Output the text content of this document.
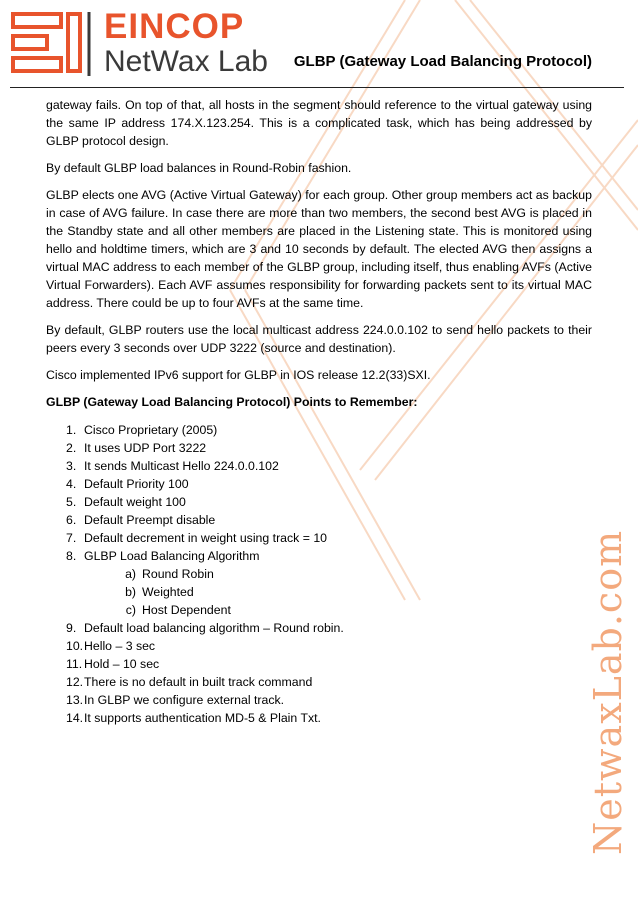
EINCOP
NetWax Lab GLBP (Gateway Load Balancing Protocol)

gateway fails. On top of that, all hosts in the segment should reference to the virtual gateway using the same IP address 174.X.123.254. This is a complicated task, which has being addressed by GLBP protocol design.

By default GLBP load balances in Round-Robin fashion.

GLBP elects one AVG (Active Virtual Gateway) for each group. Other group members act as backup in case of AVG failure. In case there are more than two members, the second best AVG is placed in the Standby state and all other members are placed in the Listening state. This is monitored using hello and holdtime timers, which are 3 and 10 seconds by default. The elected AVG then assigns a virtual MAC address to each member of the GLBP group, including itself, thus enabling AVFs (Active Virtual Forwarders). Each AVF assumes responsibility for forwarding packets sent to its virtual MAC address. There could be up to four AVFs at the same time.

By default, GLBP routers use the local multicast address 224.0.0.102 to send hello packets to their peers every 3 seconds over UDP 3222 (source and destination).

Cisco implemented IPv6 support for GLBP in IOS release 12.2(33)SXI.

GLBP (Gateway Load Balancing Protocol) Points to Remember:

1. Cisco Proprietary (2005)
2. It uses UDP Port 3222
3. It sends Multicast Hello 224.0.0.102
4. Default Priority 100
5. Default weight 100
6. Default Preempt disable
7. Default decrement in weight using track = 10
8. GLBP Load Balancing Algorithm
a) Round Robin
b) Weighted
c) Host Dependent
9. Default load balancing algorithm – Round robin.
10. Hello – 3 sec
11. Hold – 10 sec
12. There is no default in built track command
13. In GLBP we configure external track.
14. It supports authentication MD-5 & Plain Txt.	NetwaxLab.com
